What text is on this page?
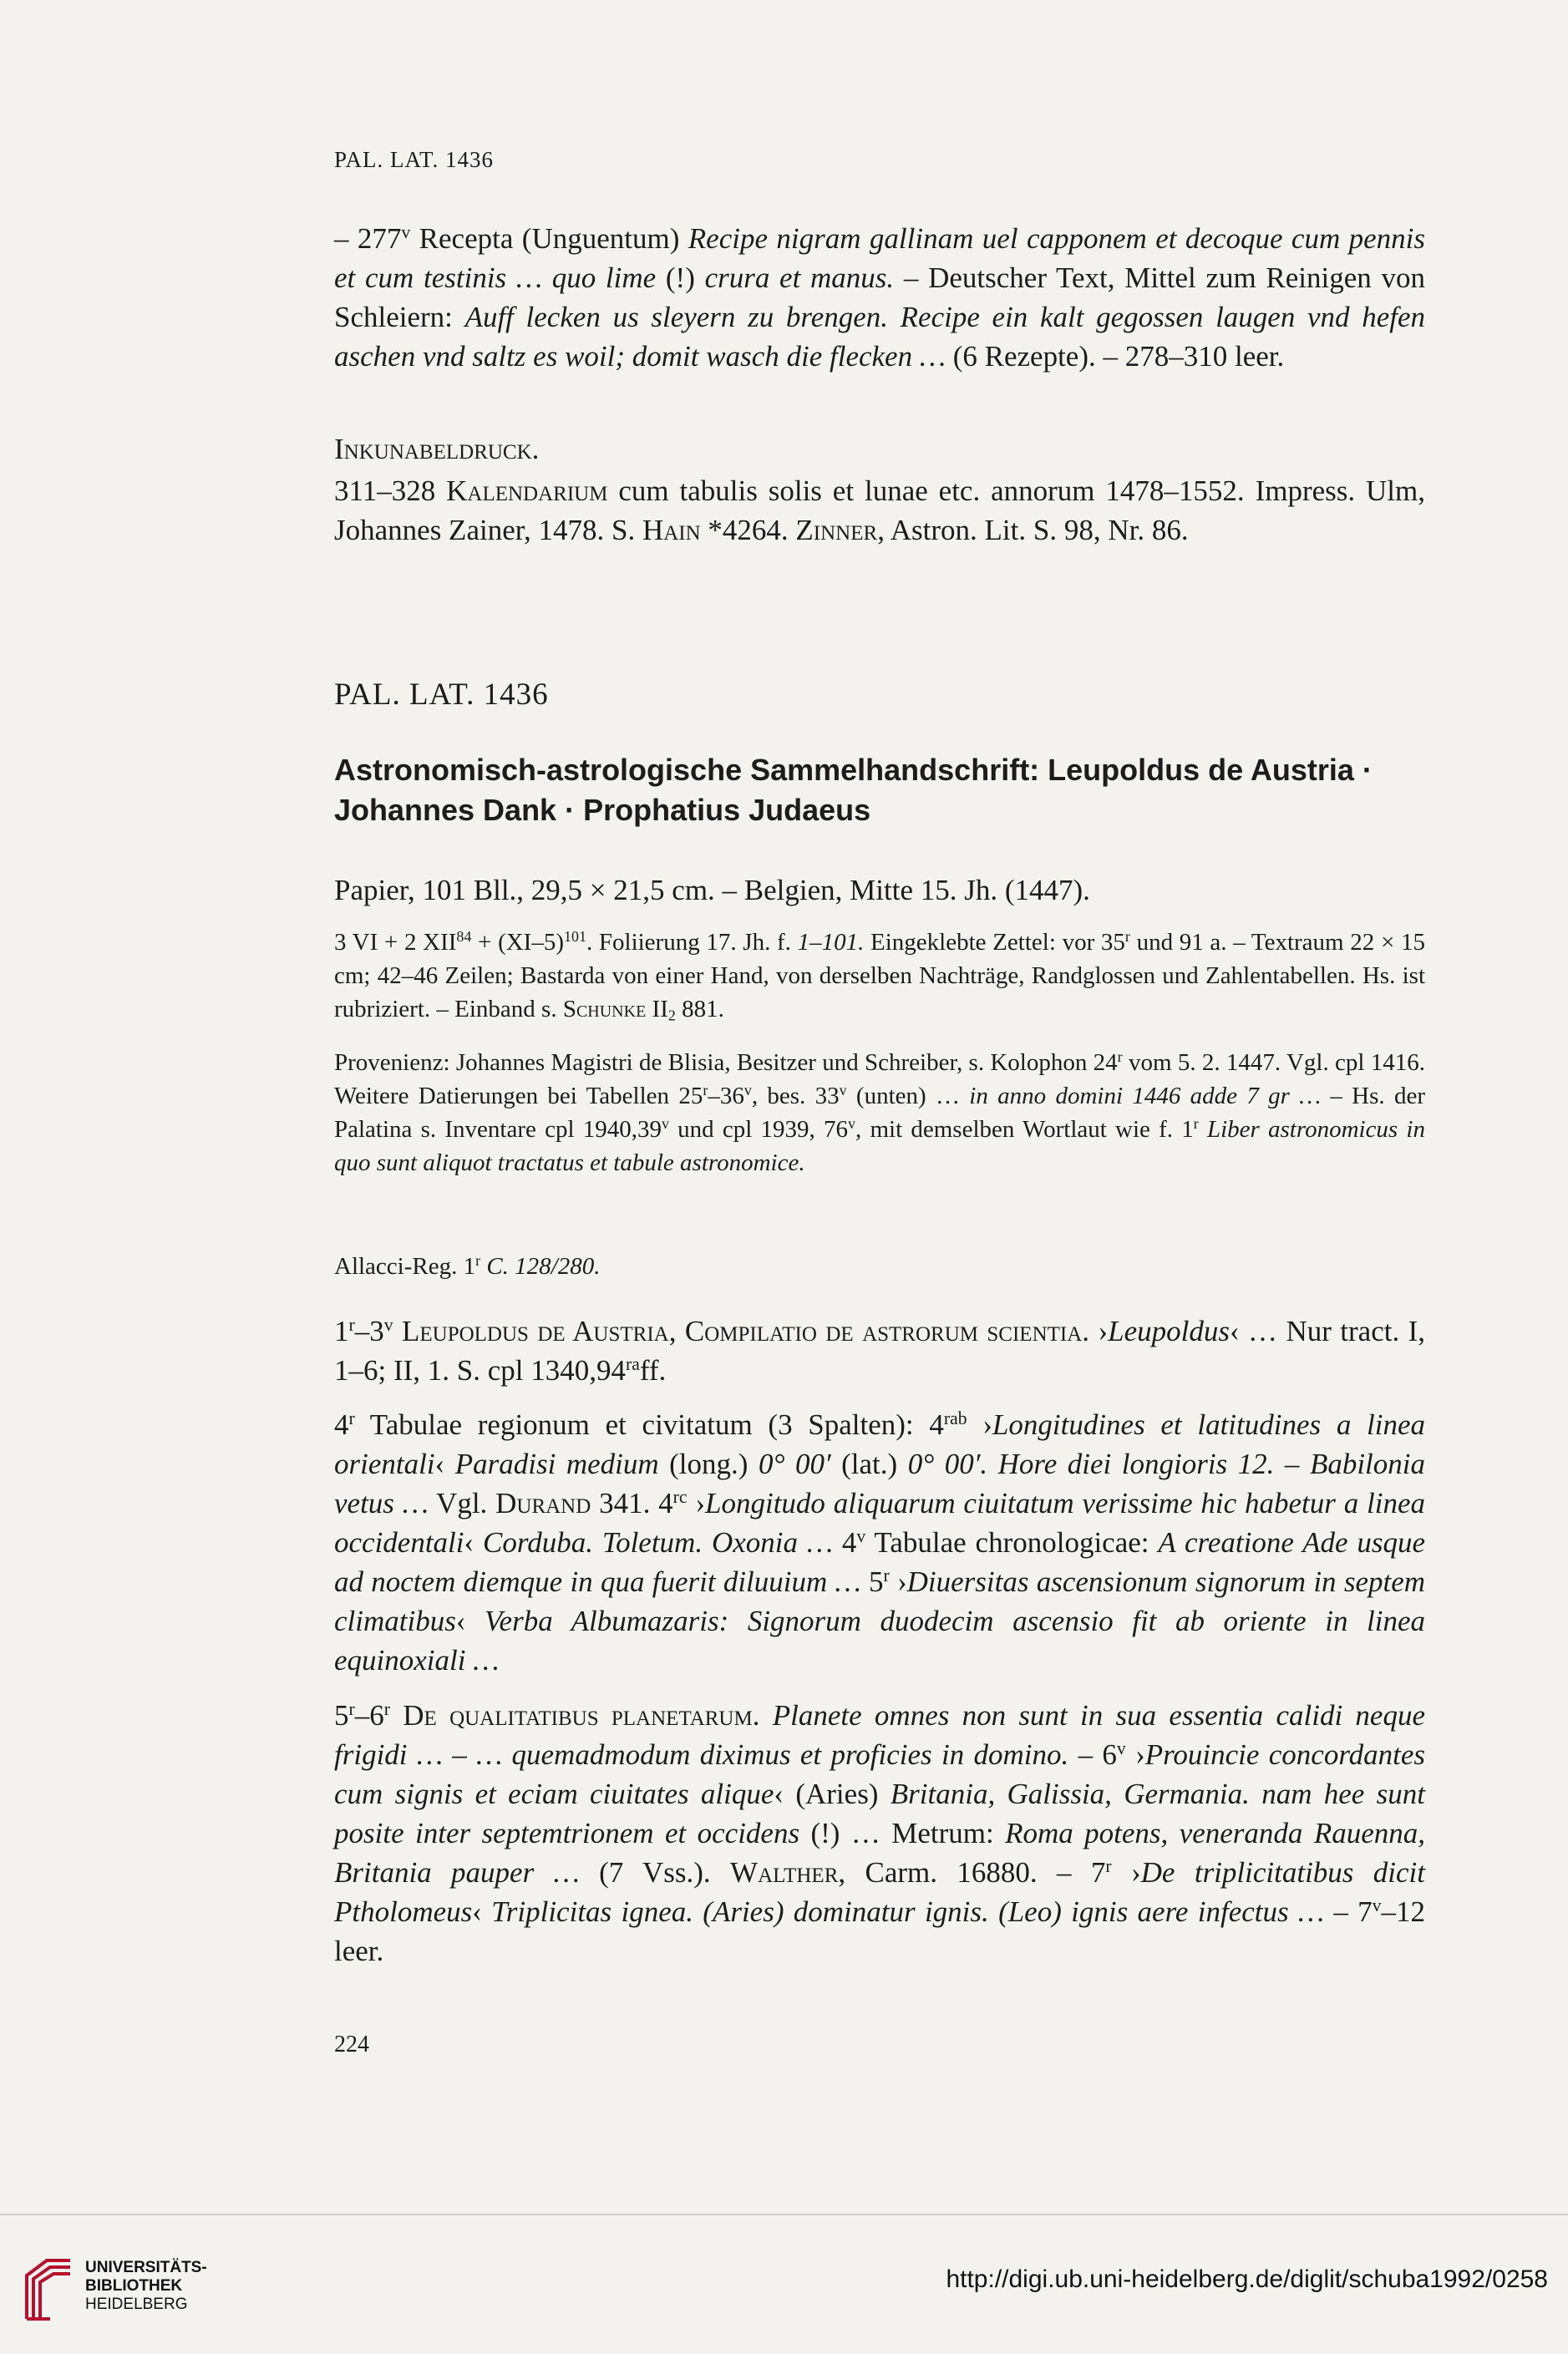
PAL. LAT. 1436
– 277$^v$ Recepta (Unguentum) Recipe nigram gallinam uel capponem et decoque cum pennis et cum testinis … quo lime (!) crura et manus. – Deutscher Text, Mittel zum Reinigen von Schleiern: Auff lecken us sleyern zu brengen. Recipe ein kalt gegossen laugen vnd hefen aschen vnd saltz es woil; domit wasch die flecken … (6 Rezepte). – 278–310 leer.
Inkunabeldruck.
311–328 Kalendarium cum tabulis solis et lunae etc. annorum 1478–1552. Impress. Ulm, Johannes Zainer, 1478. S. Hain *4264. Zinner, Astron. Lit. S. 98, Nr. 86.
PAL. LAT. 1436
Astronomisch-astrologische Sammelhandschrift: Leupoldus de Austria · Johannes Dank · Prophatius Judaeus
Papier, 101 Bll., 29,5 × 21,5 cm. – Belgien, Mitte 15. Jh. (1447).
3 VI + 2 $XII^{84} + (XI-5)^{101}$. Foliierung 17. Jh. f. 1–101. Eingeklebte Zettel: vor 35$^r$ und 91 a. – Textraum 22 × 15 cm; 42–46 Zeilen; Bastarda von einer Hand, von derselben Nachträge, Randglossen und Zahlentabellen. Hs. ist rubriziert. – Einband s. Schunke $II_2$ 881.
Provenienz: Johannes Magistri de Blisia, Besitzer und Schreiber, s. Kolophon 24$^r$ vom 5. 2. 1447. Vgl. cpl 1416. Weitere Datierungen bei Tabellen 25$^r$–36$^v$, bes. 33$^v$ (unten) … in anno domini 1446 adde 7 gr … – Hs. der Palatina s. Inventare cpl 1940,39$^v$ und cpl 1939, 76$^v$, mit demselben Wortlaut wie f. 1$^r$ Liber astronomicus in quo sunt aliquot tractatus et tabule astronomice.
Allacci-Reg. 1$^r$ C. 128/280.
1$^r$–3$^v$ Leupoldus de Austria, Compilatio de astrorum scientia. ›Leupoldus‹ … Nur tract. I, 1–6; II, 1. S. cpl $1340,94^{ra}ff$.
4$^r$ Tabulae regionum et civitatum (3 Spalten): $4^{rab}$ ›Longitudines et latitudines a linea orientali‹ Paradisi medium (long.) 0° 00′ (lat.) 0° 00′. Hore diei longioris 12. – Babilonia vetus … Vgl. Durand 341. $4^{rc}$ ›Longitudo aliquarum ciuitatum verissime hic habetur a linea occidentali‹ Corduba. Toletum. Oxonia … 4$^v$ Tabulae chronologicae: A creatione Ade usque ad noctem diemque in qua fuerit diluuium … 5$^r$ ›Diuersitas ascensionum signorum in septem climatibus‹ Verba Albumazaris: Signorum duodecim ascensio fit ab oriente in linea equinoxiali …
5$^r$–6$^r$ De qualitatibus planetarum. Planete omnes non sunt in sua essentia calidi neque frigidi … – … quemadmodum diximus et proficies in domino. – 6$^v$ ›Prouincie concordantes cum signis et eciam ciuitates alique‹ (Aries) Britania, Galissia, Germania. nam hee sunt posite inter septemtrionem et occidens (!) … Metrum: Roma potens, veneranda Rauenna, Britania pauper … (7 Vss.). Walther, Carm. 16880. – 7$^r$ ›De triplicitatibus dicit Ptholomeus‹ Triplicitas ignea. (Aries) dominatur ignis. (Leo) ignis aere infectus … – 7$^v$–12 leer.
224
UNIVERSITÄTS-
BIBLIOTHEK
HEIDELBERG
http://digi.ub.uni-heidelberg.de/diglit/schuba1992/0258
